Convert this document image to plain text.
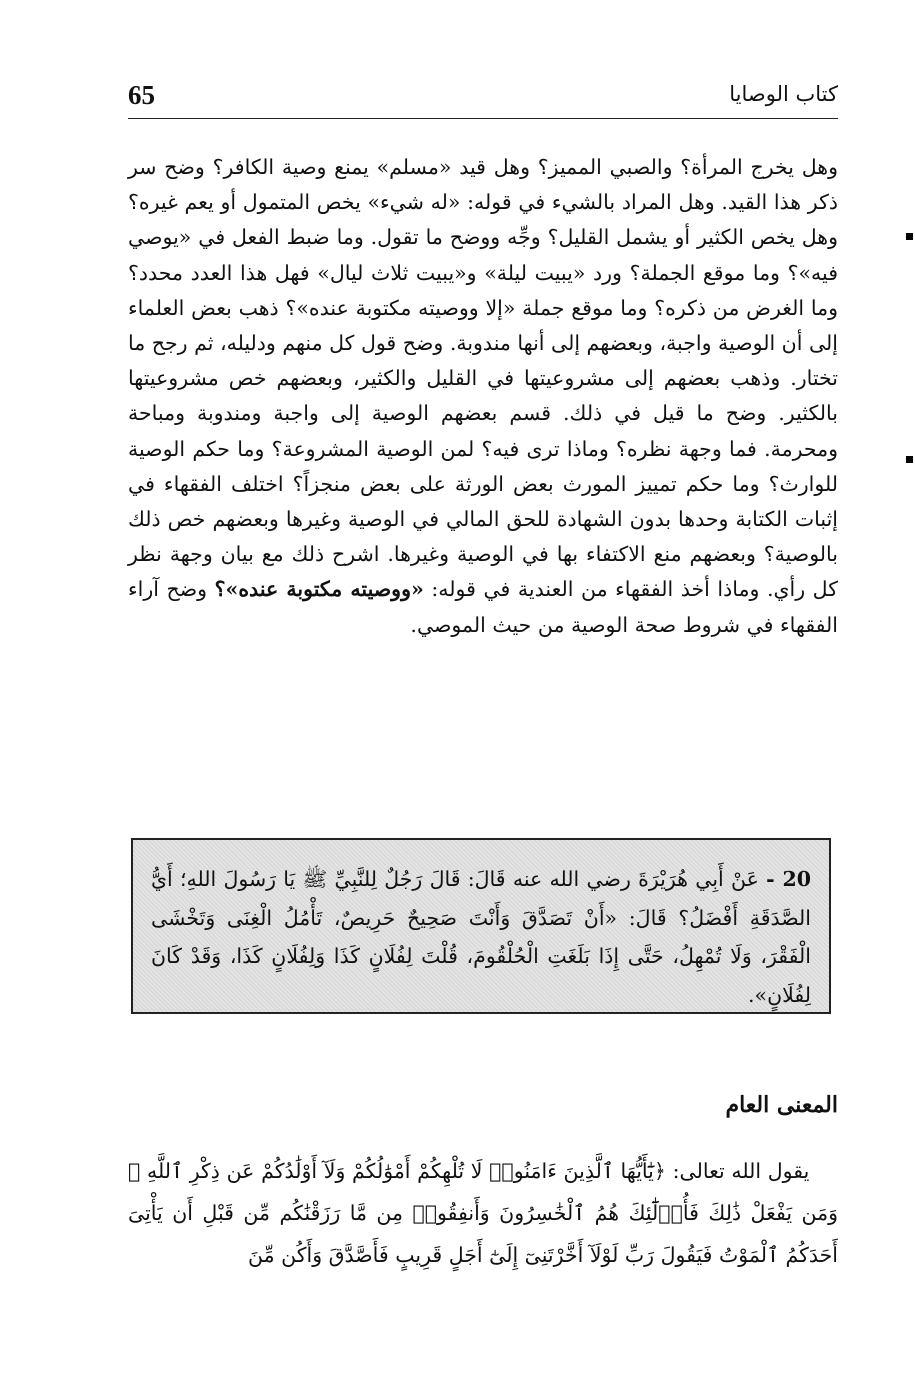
65	كتاب الوصايا
وهل يخرج المرأة؟ والصبي المميز؟ وهل قيد «مسلم» يمنع وصية الكافر؟ وضح سر ذكر هذا القيد. وهل المراد بالشيء في قوله: «له شيء» يخص المتمول أو يعم غيره؟ وهل يخص الكثير أو يشمل القليل؟ وجِّه ووضح ما تقول. وما ضبط الفعل في «يوصي فيه»؟ وما موقع الجملة؟ ورد «يبيت ليلة» و«يبيت ثلاث ليال» فهل هذا العدد محدد؟ وما الغرض من ذكره؟ وما موقع جملة «إلا ووصيته مكتوبة عنده»؟ ذهب بعض العلماء إلى أن الوصية واجبة، وبعضهم إلى أنها مندوبة. وضح قول كل منهم ودليله، ثم رجح ما تختار. وذهب بعضهم إلى مشروعيتها في القليل والكثير، وبعضهم خص مشروعيتها بالكثير. وضح ما قيل في ذلك. قسم بعضهم الوصية إلى واجبة ومندوبة ومباحة ومحرمة. فما وجهة نظره؟ وماذا ترى فيه؟ لمن الوصية المشروعة؟ وما حكم الوصية للوارث؟ وما حكم تمييز المورث بعض الورثة على بعض منجزاً؟ اختلف الفقهاء في إثبات الكتابة وحدها بدون الشهادة للحق المالي في الوصية وغيرها وبعضهم خص ذلك بالوصية؟ وبعضهم منع الاكتفاء بها في الوصية وغيرها. اشرح ذلك مع بيان وجهة نظر كل رأي. وماذا أخذ الفقهاء من العندية في قوله: «ووصيته مكتوبة عنده»؟ وضح آراء الفقهاء في شروط صحة الوصية من حيث الموصي.
20 - عَنْ أَبِي هُرَيْرَةَ رضي الله عنه قَالَ: قَالَ رَجُلٌ لِلنَّبِيِّ ﷺ يَا رَسُولَ اللهِ؛ أَيُّ الصَّدَقَةِ أَفْضَلُ؟ قَالَ: «أَنْ تَصَدَّقَ وَأَنْتَ صَحِيحٌ حَرِيصٌ، تَأْمُلُ الْغِنَى وَتَخْشَى الْفَقْرَ، وَلَا تُمْهِلُ، حَتَّى إِذَا بَلَغَتِ الْحُلْقُومَ، قُلْتَ لِفُلَانٍ كَذَا وَلِفُلَانٍ كَذَا، وَقَدْ كَانَ لِفُلَانٍ».
المعنى العام
يقول الله تعالى: ﴿يَٰٓأَيُّهَا ٱلَّذِينَ ءَامَنُوا۟ لَا تُلْهِكُمْ أَمْوَٰلُكُمْ وَلَآ أَوْلَٰدُكُمْ عَن ذِكْرِ ٱللَّهِ ۚ وَمَن يَفْعَلْ ذَٰلِكَ فَأُو۟لَٰٓئِكَ هُمُ ٱلْخَٰسِرُونَ وَأَنفِقُوا۟ مِن مَّا رَزَقْنَٰكُم مِّن قَبْلِ أَن يَأْتِىَ أَحَدَكُمُ ٱلْمَوْتُ فَيَقُولَ رَبِّ لَوْلَآ أَخَّرْتَنِىٓ إِلَىٰٓ أَجَلٍ قَرِيبٍ فَأَصَّدَّقَ وَأَكُن مِّنَ
